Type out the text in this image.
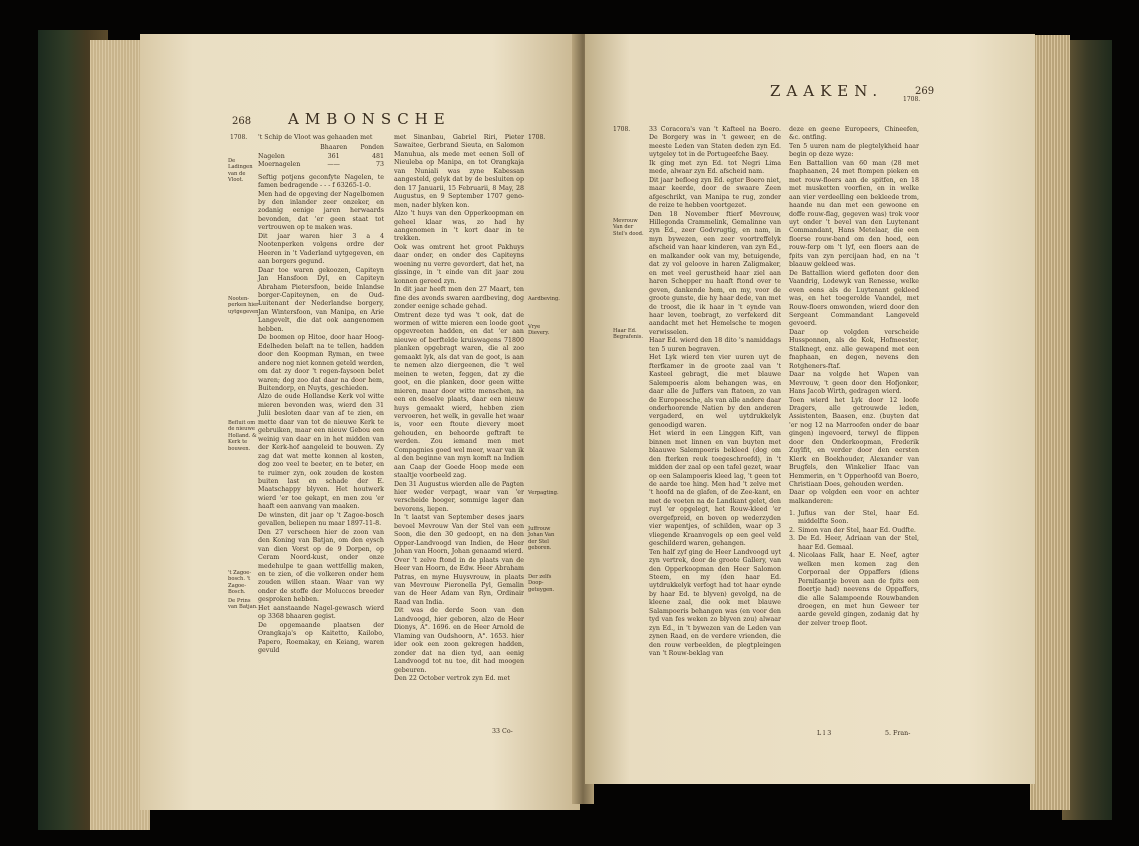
268 AMBONSCHE
1708.	1708.
De Ladingen van de Vloot.
Nooten-perken hier uytgegeven.
Befluit om de nieuwe Holland. & Kerk te bouwen.
't Zagoe-bosch. 't Zagoe-Bosch.
De Prins van Batjan.
Aardbeving.
Vrye Dievery.
Verpagting.
Juffrouw Johan Van der Stel geboren.
Der zelfs Doop-getuygen.

't Schip de Vloot was gehaaden met

	Bhaaren	Ponden
Nagelen	361	481
Moernagelen	——	73
Seftig potjens geconfyte Nagelen, te famen bedragende - - - f 63265-1-0.
Men had de opgeving der Nagelbomen by den inlander zeer onzeker, en zodanig eenige jaren herwaards bevonden, dat 'er geen staat tot vertrouwen op te maken was.
Dit jaar waren hier 3 a 4 Nootenperken volgens ordre der Heeren in 't Vaderland uytgegeven, en aan borgers gegund.
Daar toe waren gekoozen, Capiteyn Jan Hansfoon Dyl, en Capiteyn Abraham Pietersfoon, beide Inlandse borger-Capiteynen, en de Oud-Luitenant der Nederlandse borgery, Jan Wintersfoon, van Manipa, en Arie Langevelt, die dat ook aangenomen hebben.
De boomen op Hitoe, door haar Hoog-Edelheden belaft na te tellen, hadden door den Koopman Ryman, en twee andere nog niet konnen geteld werden, om dat zy door 't regen-faysoen belet waren; dog zoo dat daar na door hem, Buitendorp, en Nuyts, geschieden.
Alzo de oude Hollandse Kerk vol witte mieren bevonden was, wierd den 31 Julii besloten daar van af te zien, en mette daar van tot de nieuwe Kerk te gebruiken, maar een nieuw Gebou een weinig van daar en in het midden van der Kerk-hof aangeleid te bouwen. Zy zag dat wat mette konnen al kosten, dog zoo veel te beeter, en te beter, en te ruimer zyn, ook zouden de kosten buiten last en schade der E. Maatschappy blyven. Het houtwerk wierd 'er toe gekapt, en men zou 'er haaft een aanvang van maaken.
De winsten, dit jaar op 't Zagoe-bosch gevallen, beliepen nu maar 1897-11-8.
Den 27 verscheen hier de zoon van den Koning van Batjan, om den eysch van dien Vorst op de 9 Dorpen, op Ceram Noord-kust, onder onze medehulpe te gaan wettfellig maken, en te zien, of die volkeren onder hem zouden willen staan. Waar van wy onder de stoffe der Moluccos breeder gesproken hebben.
Het aanstaande Nagel-gewasch wierd op 3368 bhaaren gegist.
De opgemaande plaatsen der Orangkaja's op Kaitetto, Kailobo, Papero, Roemakay, en Keiang, waren gevuld
met Sinanbau, Gabriel Riri, Pieter Sawaitee, Gerbrand Sieuta, en Salomon Manuhua, als mede met eenen Soll of Nieuleba op Manipa, en tot Orangkaja van Nuniali was zyne Kabessan aangesteld, gelyk dat by de besluiten op den 17 Januarii, 15 Februarii, 8 May, 28 Augustus, en 9 September 1707 geno- men, nader blyken kon.
Alzo 't huys van den Opperkoopman en geheel klaar was, zo had hy aangenomen in 't kort daar in te trekken.
Ook was omtrent het groot Pakhuys daar onder, en onder des Capiteyns woening nu verre gevordert, dat het, na gissinge, in 't einde van dit jaar zou konnen gereed zyn.
In dit jaar heeft men den 27 Maart, ten fine des avonds swaren aardbeving, dog zonder eenige schade gehad.
Omtrent deze tyd was 't ook, dat de wormen of witte mieren een loode goot opgevreeten hadden, en dat 'er aan nieuwe of berftelde kruiswagens 71800 planken opgebragt waren, die al zoo gemaakt lyk, als dat van de goot, is aan te nemen alzo diergeenen, die 't wel meinen te weten, feggen, dat zy die goot, en die planken, door geen witte mieren, maar door witte menschen, na een en deselve plaats, daar een nieuw huys gemaakt wierd, hebben zien vervoeren, het welk, in gevalle het waar is, voor een ftoute dievery moet gehouden, en behoorde geftraft te werden. Zou iemand men met Compagnies goed wel meer, waar van ik al den beginne van myn komft na Indien aan Caap der Goede Hoop mede een staaltje voorbeeld zag.
Den 31 Augustus wierden alle de Pagten hier weder verpagt, waar van 'er verscheide hooger, sommige lager dan bevorens, liepen.
In 't laatst van September deses jaars bevoel Mevrouw Van der Stel van een Soon, die den 30 gedoopt, en na den Opper-Landvoogd van Indien, de Heer Johan van Hoorn, Johan genaamd wierd.
Over 't zelve ftond in de plaats van de Heer van Hoorn, de Edw. Heer Abraham Patras, en myne Huysvrouw, in plaats van Mevrouw Pieronella Pyl, Gemalin van de Heer Adam van Ryn, Ordinair Raad van India.
Dit was de derde Soon van den Landvoogd, hier geboren, alzo de Heer Dionys, A°. 1696. en de Heer Arnold de Vlaming van Oudshoorn, A°. 1653. hier ider ook een zoon gekregen hadden, zonder dat na dien tyd, aan eenig Landvoogd tot nu toe, dit had moogen gebeuren.
Den 22 October vertrok zyn Ed. met
33 Co-
ZAAKEN.	269
1708.
1708.
Mevrouw Van der Stel's dood.
Haar Ed. Begrafenis.
33 Coracora's van 't Kafteel na Boero. De Borgery was in 't geweer, en de meeste Leden van Staten deden zyn Ed. uytgeley tot in de Portugeefche Baey.
Ik ging met zyn Ed. tot Negri Lima mede, alwaar zyn Ed. afscheid nam.
Dit jaar befloeg zyn Ed. egter Boero niet, maar keerde, door de swaare Zeen afgeschrikt, van Manipa te rug, zonder de reize te hebben voortgezet.
Den 18 November ftierf Mevrouw, Hillegonda Crammelink, Gemalinne van zyn Ed., zeer Godvrugtig, en nam, in myn bywezen, een zeer voortreffelyk afscheid van haar kinderen, van zyn Ed., en malkander ook van my, betuigende, dat zy vol geloove in haren Zaligmaker, en met veel gerustheid haar ziel aan haren Schepper nu haaft ftond over te geven, dankende hem, en my, voor de groote gunste, die hy haar dede, van met de troost, die ik haar in 't eynde van haar leven, toebragt, zo verfekerd dit aandacht met het Hemelsche te mogen verwisselen.
Haar Ed. wierd den 18 dito 's namiddags ten 5 uuren begraven.
Het Lyk wierd ten vier uuren uyt de fterfkamer in de groote zaal van 't Kasteel gebragt, die met blauwe Salempoeris alom behangen was, en daar alle de Juffers van ftatoen, zo van de Europeesche, als van alle andere daar onderhoorende Natien by den anderen vergaderd, en wel uytdrukkelyk genoodigd waren.
Het wierd in een Linggen Kift, van binnen met linnen en van buyten met blaauwe Salempoeris bekleed (dog om den fterken reuk toegeschroefd), in 't midden der zaal op een tafel gezet, waar op een Salampoeris kleed lag, 't geen tot de aarde toe hing. Men had 't zelve met 't hoofd na de glafen, of de Zee-kant, en met de voeten na de Landkant gelet, den ruyl 'er opgelegt, het Rouw-kleed 'er overgefpreid, en boven op wederzyden vier wapentjes, of schilden, waar op 3 vliegende Kraanvogels op een geel veld geschilderd waren, gehangen.
Ten half zyf ging de Heer Landvoogd uyt zyn vertrek, door de groote Gallery, van den Opperkoopman den Heer Salomon Steem, en my (den haar Ed. uytdrukkelyk verfogt had tot haar eynde by haar Ed. te blyven) gevolgd, na de kleene zaal, die ook met blauwe Salampoeris behangen was (en voor den tyd van fes weken zo blyven zou) alwaar zyn Ed., in 't bywezen van de Leden van zynen Raad, en de verdere vrienden, die den rouw verbeelden, de plegtpleingen van 't Rouw-beklag van
deze en geene Europeers, Chineefen, &c. ontfing.
Ten 5 uuren nam de plegtelykheid haar begin op deze wyze:
Een Battallion van 60 man (28 met fnaphaanen, 24 met ftompen pieken en met rouw-floers aan de spitfen, en 18 met musketten voorfien, en in welke aan vier verdeelling een bekleede trom, haande nu dan met een gewoone en doffe rouw-flag, gegeven was) trok voor uyt onder 't bevel van den Luytenant Commandant, Hans Metelaar, die een floerse rouw-band om den hoed, een rouw-ferp om 't lyf, een floers aan de fpits van zyn percijaan had, en na 't blaauw gekleed was.
De Battallion wierd gefloten door den Vaandrig, Lodewyk van Renesse, welke even eens als de Luytenant gekleed was, en het toegerolde Vaandel, met Rouw-floers omwonden, wierd door den Sergeant Commandant Langeveld gevoerd.
Daar op volgden verscheide Hussponnen, als de Kok, Hofmeester, Stalknegt, enz. alle gewapend met een fnaphaan, en degen, nevens den Rotgheners-ftaf.
Daar na volgde het Wapen van Mevrouw, 't geen door den Hofjonker, Hans Jacob Wirth, gedragen wierd.
Toen wierd het Lyk door 12 loofe Dragers, alle getrouwde leden, Assistenten, Baasen, enz. (buyten dat 'er nog 12 na Marroofen onder de baar gingen) ingevoerd, terwyl de flippen door den Onderkoopman, Frederik Zuylfit, en verder door den eersten Klerk en Boekhouder, Alexander van Brugfels, den Winkelier Ifaac van Hemmerin, en 't Opperhoofd van Boero, Christiaan Does, gehouden werden.
Daar op volgden een voor en achter malkanderen:
1. Jufius van der Stel, haar Ed. middelfte Soon.
2. Simon van der Stel, haar Ed. Oudfte.
3. De Ed. Heer, Adriaan van der Stel, haar Ed. Gemaal.
4. Nicolaas Falk, haar E. Neef, agter welken men komen zag den Corporaal der Oppaffers (diens Pernifaantje boven aan de fpits een floertje had) neevens de Oppaffers, die alle Salampoende Rouwbanden droegen, en met hun Geweer ter aarde geveld gingen, zodanig dat hy der zelver troep floot.
L l 3	5. Fran-
